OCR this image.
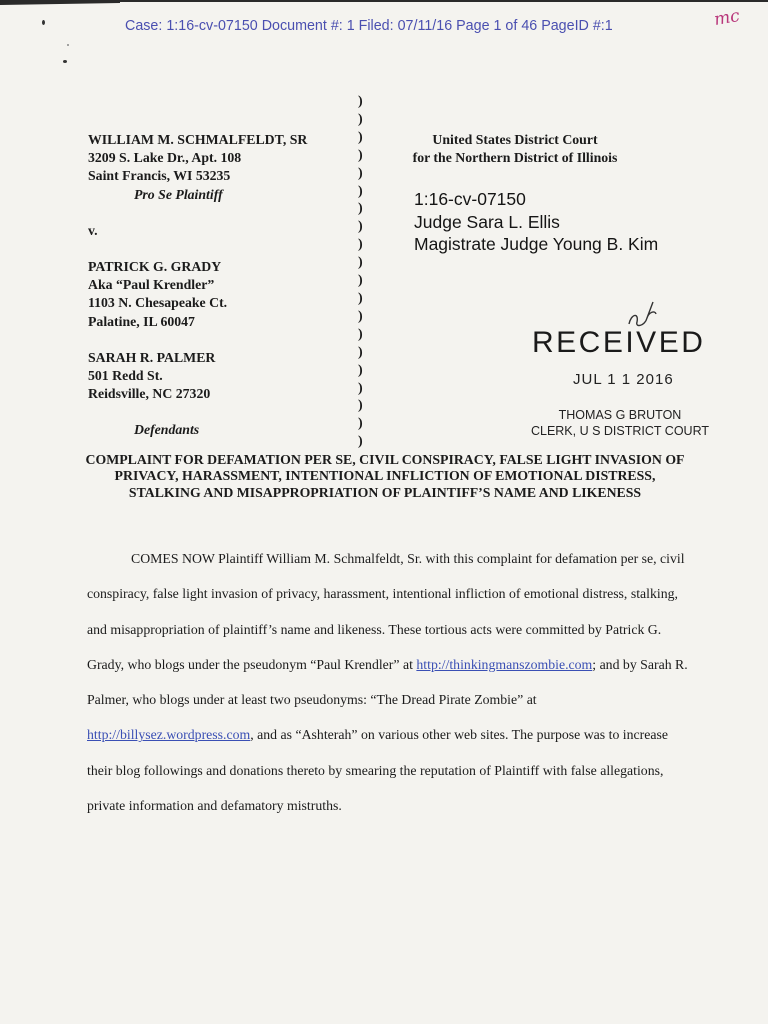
Case: 1:16-cv-07150 Document #: 1 Filed: 07/11/16 Page 1 of 46 PageID #:1	mc
WILLIAM M. SCHMALFELDT, SR
3209 S. Lake Dr., Apt. 108
Saint Francis, WI 53235
Pro Se Plaintiff
v.
PATRICK G. GRADY
Aka “Paul Krendler”
1103 N. Chesapeake Ct.
Palatine, IL 60047
SARAH R. PALMER
501 Redd St.
Reidsville, NC 27320
Defendants
)
)
)
)
)
)
)
)
)
)
)
)
)
)
)
)
)
)
)
)
United States District Court
for the Northern District of Illinois
1:16-cv-07150
Judge Sara L. Ellis
Magistrate Judge Young B. Kim
RECEIVED
JUL 1 1 2016
THOMAS G BRUTON
CLERK, U S DISTRICT COURT
COMPLAINT FOR DEFAMATION PER SE, CIVIL CONSPIRACY, FALSE LIGHT INVASION OF PRIVACY, HARASSMENT, INTENTIONAL INFLICTION OF EMOTIONAL DISTRESS, STALKING AND MISAPPROPRIATION OF PLAINTIFF’S NAME AND LIKENESS
COMES NOW Plaintiff William M. Schmalfeldt, Sr. with this complaint for defamation per se, civil conspiracy, false light invasion of privacy, harassment, intentional infliction of emotional distress, stalking, and misappropriation of plaintiff’s name and likeness. These tortious acts were committed by Patrick G. Grady, who blogs under the pseudonym “Paul Krendler” at http://thinkingmanszombie.com; and by Sarah R. Palmer, who blogs under at least two pseudonyms: “The Dread Pirate Zombie” at http://billysez.wordpress.com, and as “Ashterah” on various other web sites. The purpose was to increase their blog followings and donations thereto by smearing the reputation of Plaintiff with false allegations, private information and defamatory mistruths.
